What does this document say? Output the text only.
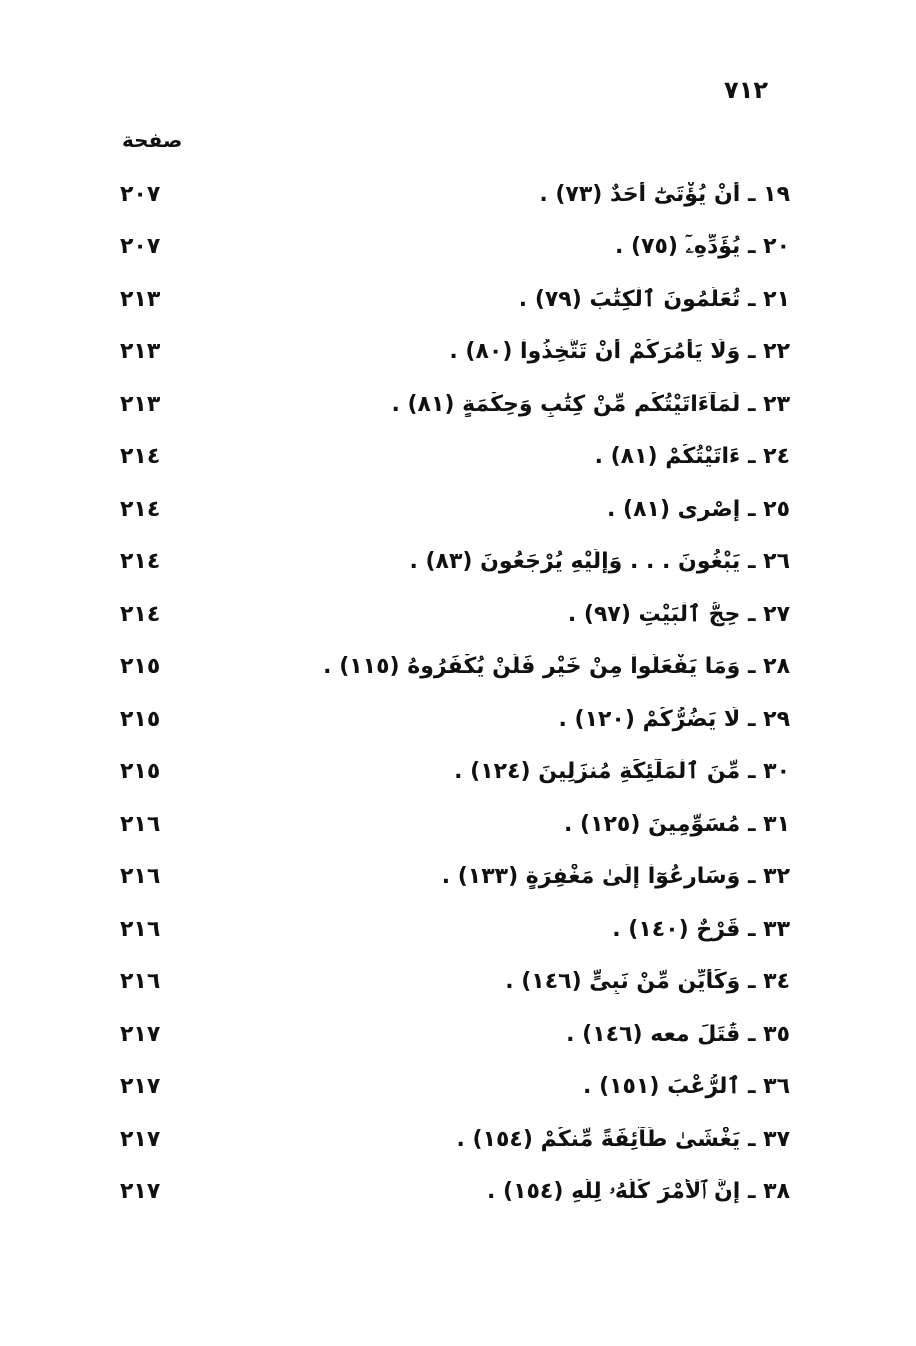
٧١٢
صفحة
١٩ ـ أَنْ يُؤْتَىٰٓ أَحَدٌ (٧٣) .
٢٠٧
٢٠ ـ يُؤَدِّهِۦٓ (٧٥) .
٢٠٧
٢١ ـ تُعَلِّمُونَ ٱلْكِتَٰبَ (٧٩) .
٢١٣
٢٢ ـ وَلَا يَأْمُرَكُمْ أَنْ تَتَّخِذُواْ (٨٠) .
٢١٣
٢٣ ـ لَمَآءَاتَيْتُكُم مِّنْ كِتَٰبٍ وَحِكْمَةٍ (٨١) .
٢١٣
٢٤ ـ ءَاتَيْتُكُمْ (٨١) .
٢١٤
٢٥ ـ إِصْرِى (٨١) .
٢١٤
٢٦ ـ يَبْغُونَ . . . وَإِلَيْهِ يُرْجَعُونَ (٨٣) .
٢١٤
٢٧ ـ حِجُّ ٱلْبَيْتِ (٩٧) .
٢١٤
٢٨ ـ وَمَا يَفْعَلُواْ مِنْ خَيْرٍ فَلَنْ يُكْفَرُوهُ (١١٥) .
٢١٥
٢٩ ـ لَا يَضُرُّكُمْ (١٢٠) .
٢١٥
٣٠ ـ مِّنَ ٱلْمَلَٰٓئِكَةِ مُنزَلِينَ (١٢٤) .
٢١٥
٣١ ـ مُسَوِّمِينَ (١٢٥) .
٢١٦
٣٢ ـ وَسَارِعُوٓاْ إِلَىٰ مَغْفِرَةٍ (١٣٣) .
٢١٦
٣٣ ـ قَرْحٌ (١٤٠) .
٢١٦
٣٤ ـ وَكَأَيِّن مِّنْ نَبِىٍّ (١٤٦) .
٢١٦
٣٥ ـ قَٰتَلَ معه (١٤٦) .
٢١٧
٣٦ ـ ٱلرُّعْبَ (١٥١) .
٢١٧
٣٧ ـ يَغْشَىٰ طَآئِفَةً مِّنكُمْ (١٥٤) .
٢١٧
٣٨ ـ إِنَّ ٱلْأَمْرَ كُلَّهُۥ لِلَّهِ (١٥٤) .
٢١٧
